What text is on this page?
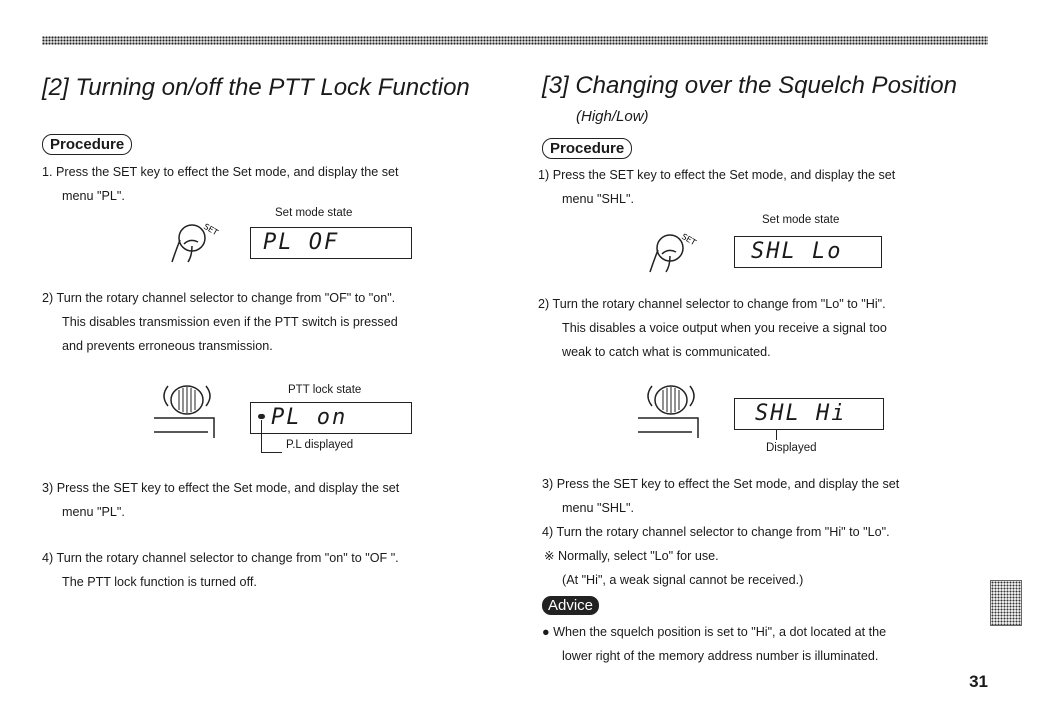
[2] Turning on/off the PTT Lock Function
Procedure
1. Press the SET key to effect the Set mode, and display the set
menu "PL".
Set mode state
SET
PL OF
2) Turn the rotary channel selector to change from "OF" to "on".
This disables transmission even if the PTT switch is pressed
and prevents erroneous transmission.
PTT lock state
PL on
P.L displayed
3) Press the SET key to effect the Set mode, and display the set
menu "PL".
4) Turn the rotary channel selector to change from "on" to "OF ".
The PTT lock function is turned off.
[3] Changing over the Squelch Position
(High/Low)
Procedure
1) Press the SET key to effect the Set mode, and display the set
menu "SHL".
Set mode state
SET	SHL Lo
2) Turn the rotary channel selector to change from "Lo" to "Hi".
This disables a voice output when you receive a signal too
weak to catch what is communicated.
SHL Hi
Displayed
3) Press the SET key to effect the Set mode, and display the set
menu "SHL".
4) Turn the rotary channel selector to change from "Hi" to "Lo".
※ Normally, select "Lo" for use.
(At "Hi", a weak signal cannot be received.)
Advice
● When the squelch position is set to "Hi", a dot located at the
lower right of the memory address number is illuminated.
31
